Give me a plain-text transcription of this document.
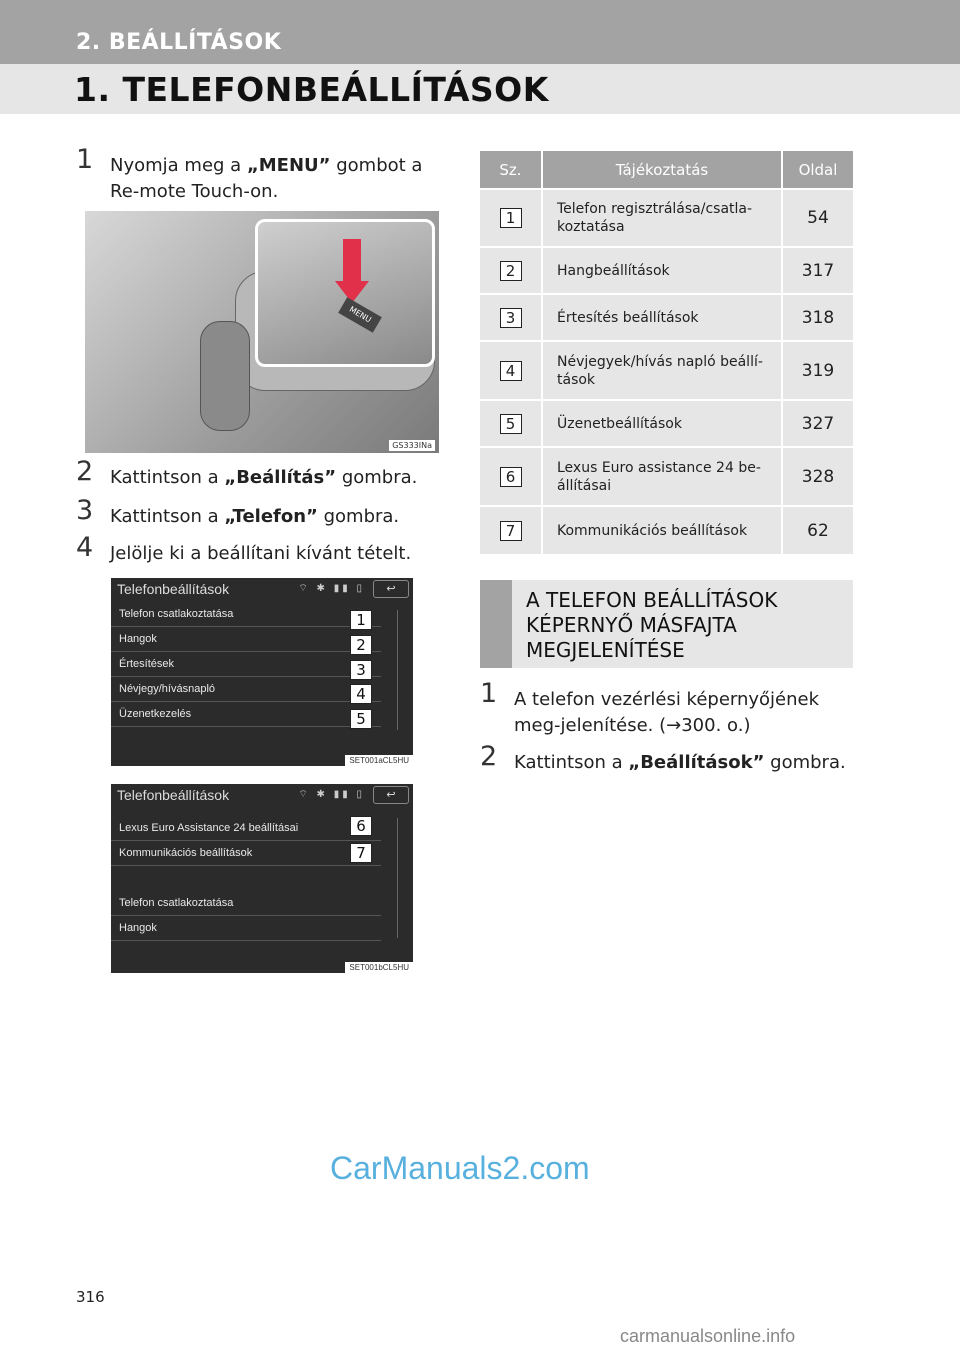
2. BEÁLLÍTÁSOK
1. TELEFONBEÁLLÍTÁSOK
1 Nyomja meg a „MENU” gombot a Re-mote Touch-on.
MENU
GS333INa
2 Kattintson a „Beállítás” gombra.
3 Kattintson a „Telefon” gombra.
4 Jelölje ki a beállítani kívánt tételt.
Telefonbeállítások	⌔ ✱ ▮▮ ▯	↩
Telefon csatlakoztatása
Hangok
Értesítések
Névjegy/hívásnapló
Üzenetkezelés
SET001aCL5HU
1
2
3
4
5
Telefonbeállítások	⌔ ✱ ▮▮ ▯	↩
Lexus Euro Assistance 24 beállításai
Kommunikációs beállítások
Telefon csatlakoztatása
Hangok
SET001bCL5HU
6
7
Sz.	Tájékoztatás	Oldal
1	Telefon regisztrálása/csatla-koztatása	54
2	Hangbeállítások	317
3	Értesítés beállítások	318
4	Névjegyek/hívás napló beállí-tások	319
5	Üzenetbeállítások	327
6	Lexus Euro assistance 24 be-állításai	328
7	Kommunikációs beállítások	62
A TELEFON BEÁLLÍTÁSOK KÉPERNYŐ MÁSFAJTA MEGJELENÍTÉSE
1 A telefon vezérlési képernyőjének meg-jelenítése. (→300. o.)
2 Kattintson a „Beállítások” gombra.
CarManuals2.com
316
carmanualsonline.info
